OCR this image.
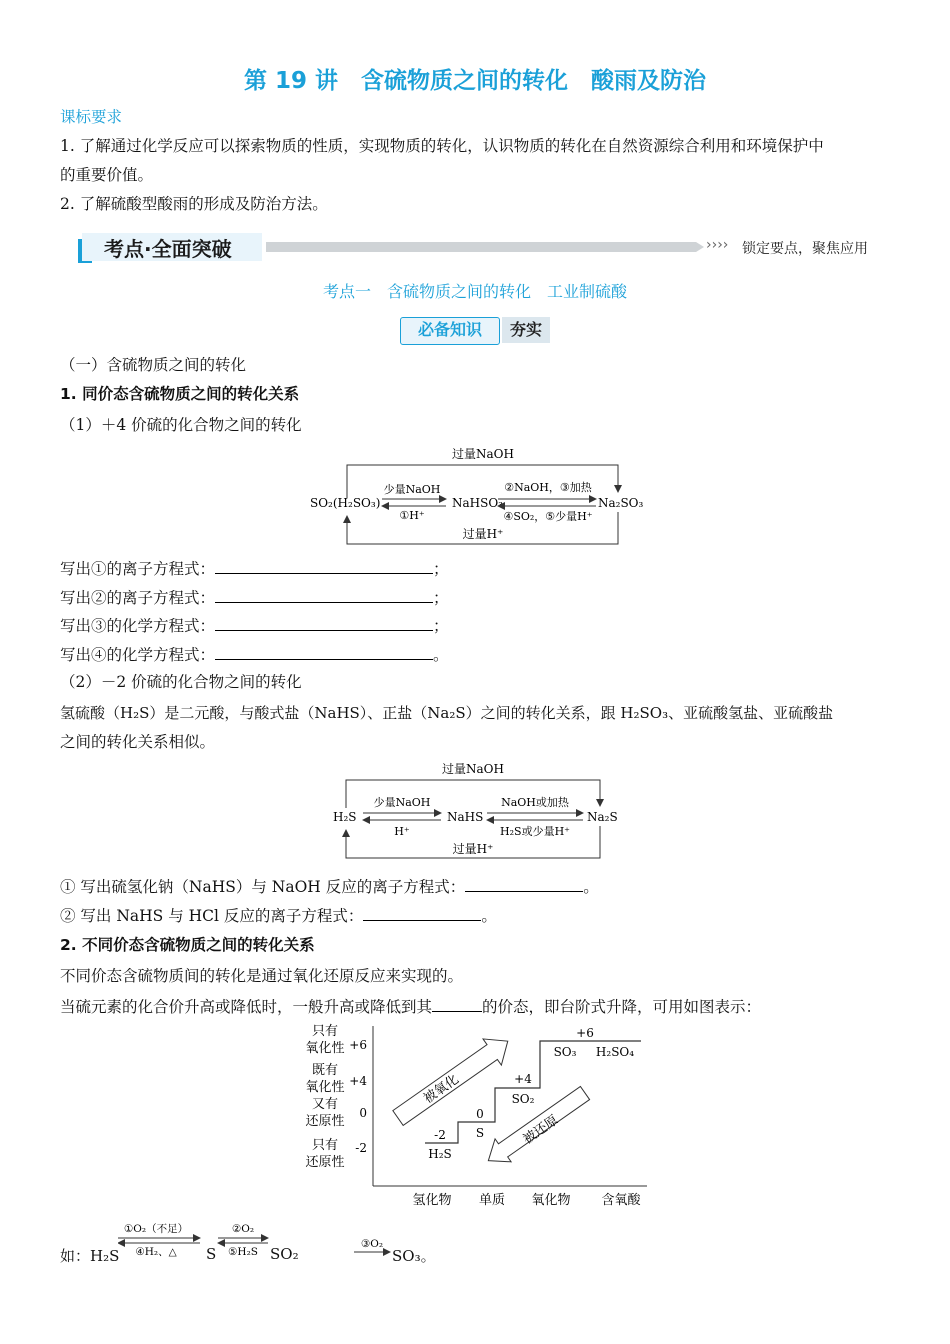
第 19 讲　含硫物质之间的转化　酸雨及防治
课标要求
1. 了解通过化学反应可以探索物质的性质，实现物质的转化，认识物质的转化在自然资源综合利用和环境保护中
的重要价值。
2. 了解硫酸型酸雨的形成及防治方法。
考点·全面突破	›››› 锁定要点，聚焦应用
考点一　含硫物质之间的转化　工业制硫酸
必备知识	夯实
（一）含硫物质之间的转化
1. 同价态含硫物质之间的转化关系
（1）＋4 价硫的化合物之间的转化
过量NaOH
过量H⁺
SO₂(H₂SO₃)	NaHSO₃	Na₂SO₃
少量NaOH
①H⁺
②NaOH，③加热
④SO₂，⑤少量H⁺
写出①的离子方程式：	；
写出②的离子方程式：	；
写出③的化学方程式：	；
写出④的化学方程式：	。
（2）－2 价硫的化合物之间的转化
氢硫酸（H₂S）是二元酸，与酸式盐（NaHS）、正盐（Na₂S）之间的转化关系，跟 H₂SO₃、亚硫酸氢盐、亚硫酸盐
之间的转化关系相似。
过量NaOH
过量H⁺
H₂S	NaHS	Na₂S
少量NaOH
H⁺
NaOH或加热
H₂S或少量H⁺
① 写出硫氢化钠（NaHS）与 NaOH 反应的离子方程式：	。
② 写出 NaHS 与 HCl 反应的离子方程式：	。
2. 不同价态含硫物质之间的转化关系
不同价态含硫物质间的转化是通过氧化还原反应来实现的。
当硫元素的化合价升高或降低时，一般升高或降低到其	的价态，即台阶式升降，可用如图表示：
+6
+4
0
-2
只有
氧化性
既有
氧化性
又有
还原性
只有
还原性
-2
H₂S
0
S
+4
SO₂
+6
SO₃ H₂SO₄
被氧化
被还原
氢化物 单质 氧化物 含氧酸
如：H₂S
①O₂（不足）
④H₂、△
②O₂
⑤H₂S
③O₂
S	SO₂	SO₃。
